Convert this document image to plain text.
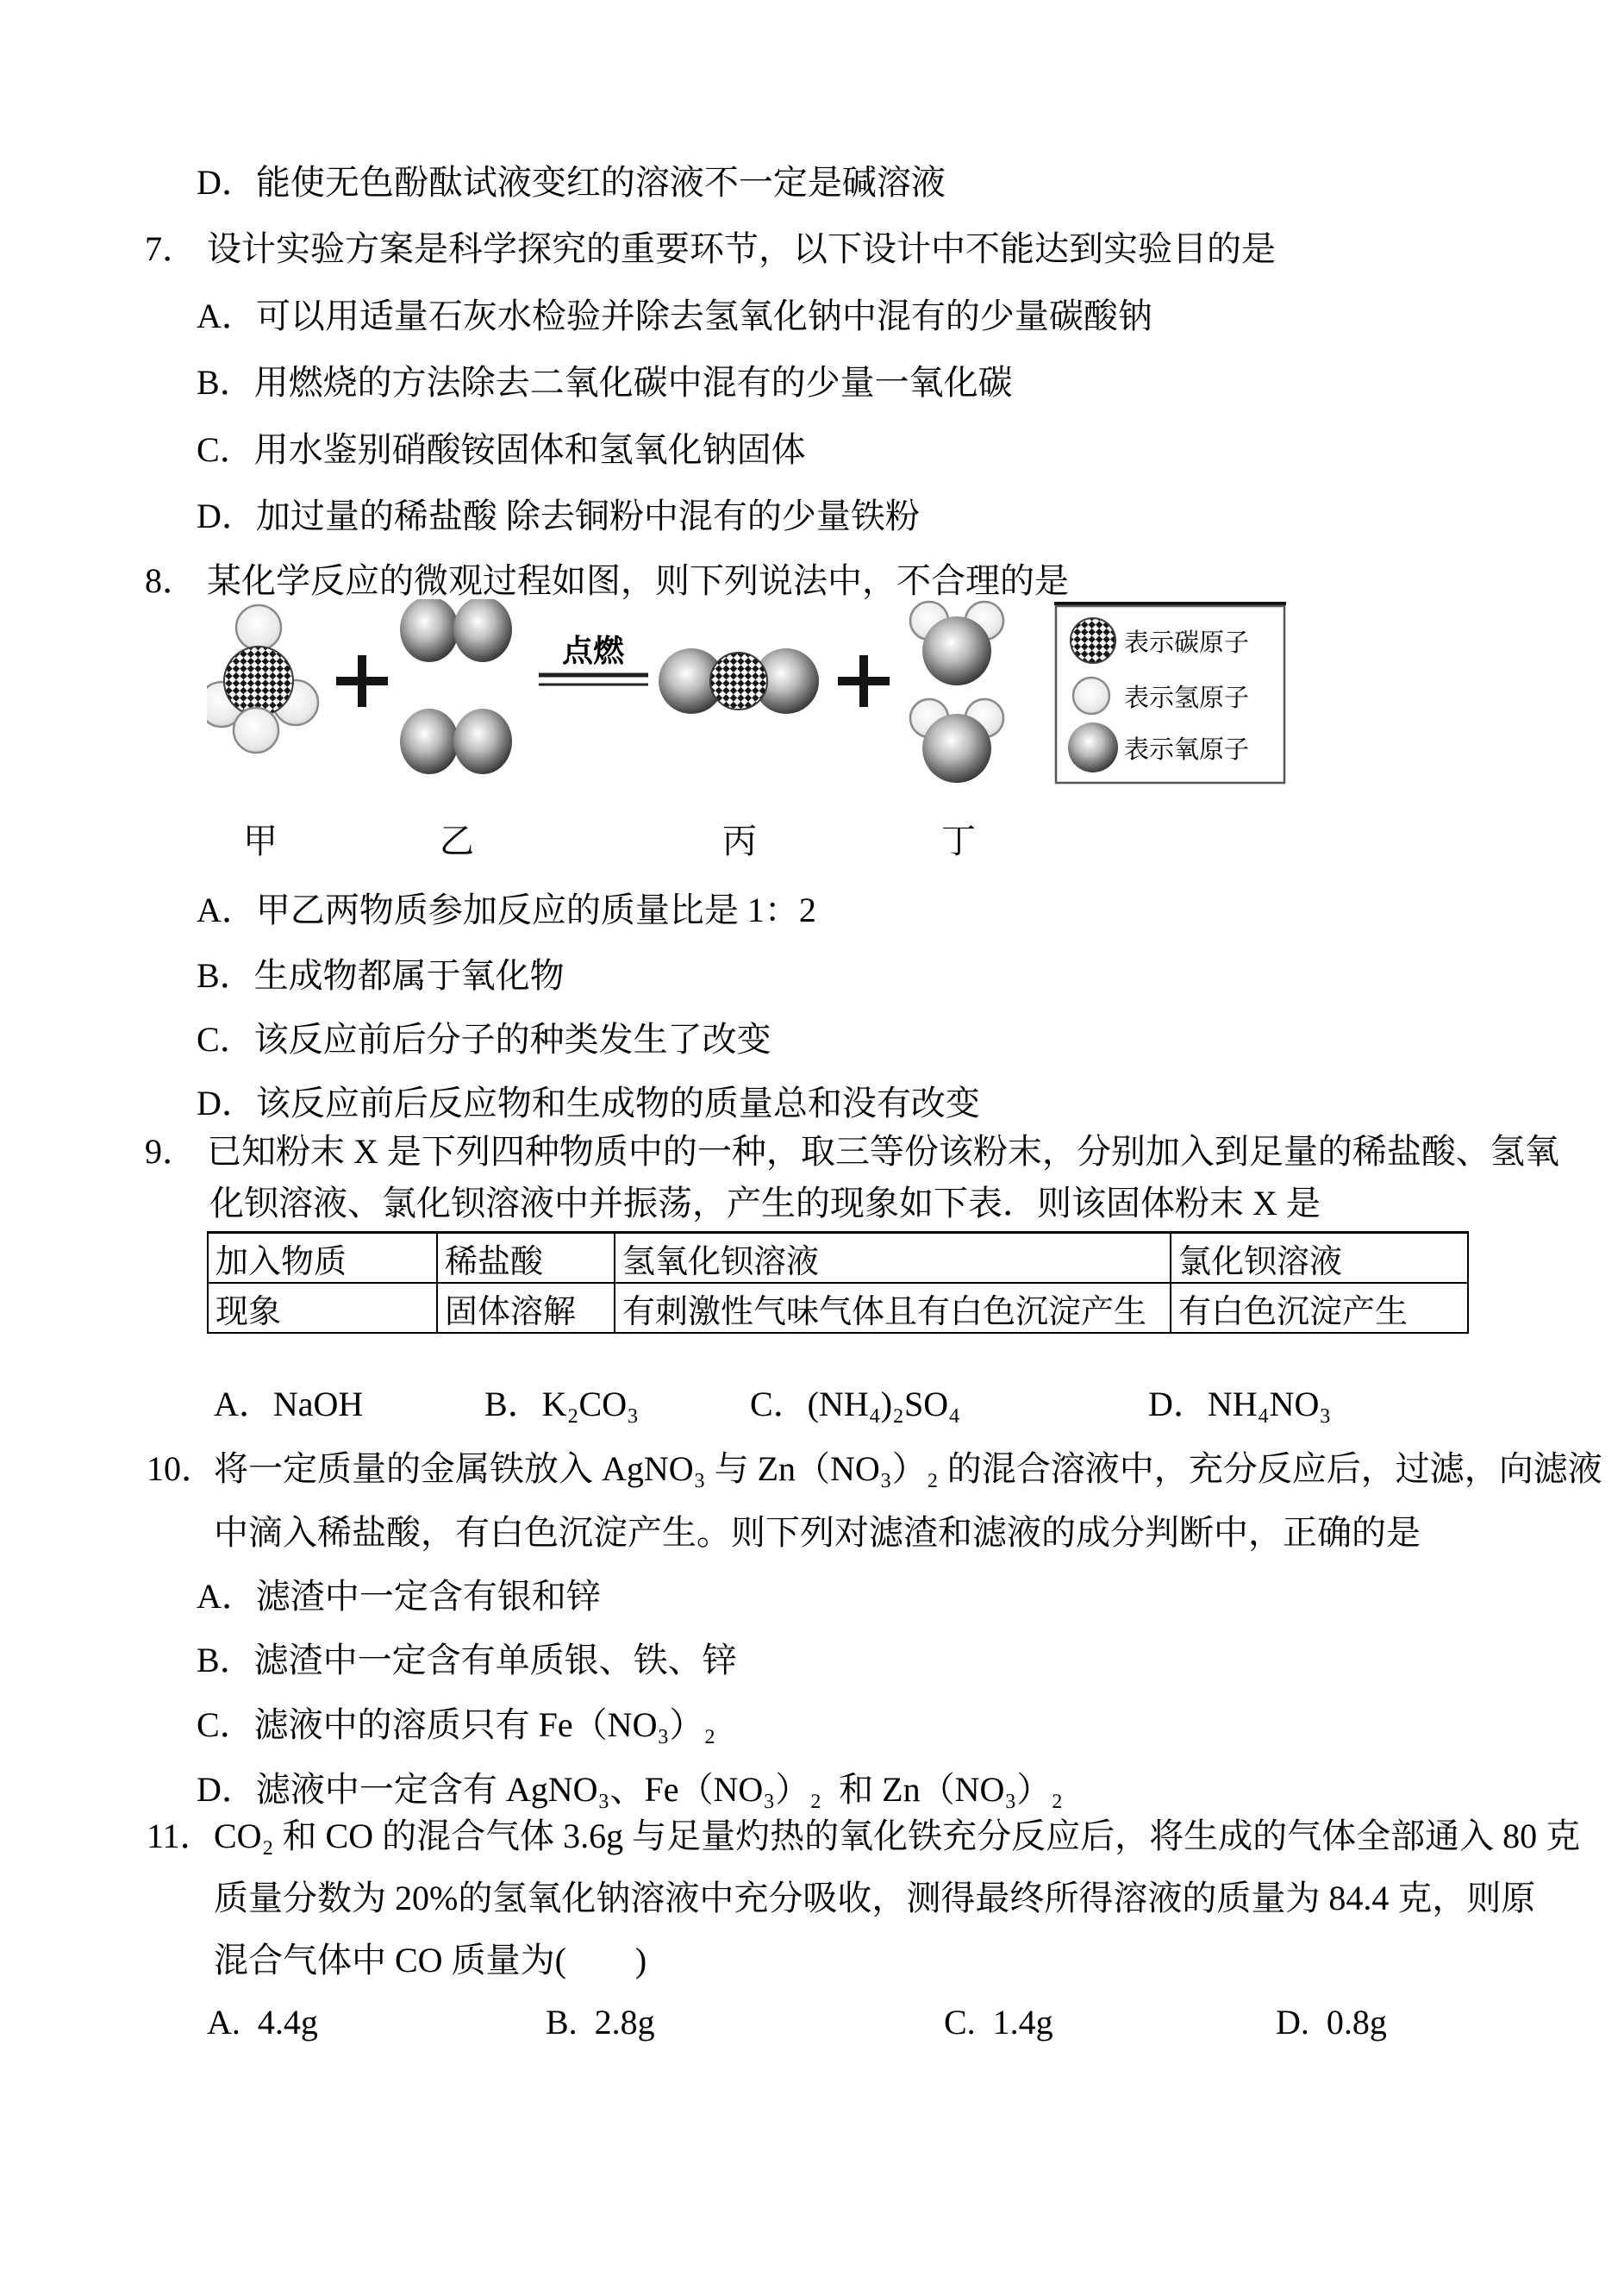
D．能使无色酚酞试液变红的溶液不一定是碱溶液
7． 设计实验方案是科学探究的重要环节，以下设计中不能达到实验目的是
A．可以用适量石灰水检验并除去氢氧化钠中混有的少量碳酸钠
B．用燃烧的方法除去二氧化碳中混有的少量一氧化碳
C．用水鉴别硝酸铵固体和氢氧化钠固体
D．加过量的稀盐酸 除去铜粉中混有的少量铁粉
8． 某化学反应的微观过程如图，则下列说法中，不合理的是
点燃	表示碳原子
表示氢原子
表示氧原子
甲	乙	丙	丁
A．甲乙两物质参加反应的质量比是 1：2
B．生成物都属于氧化物
C．该反应前后分子的种类发生了改变
D．该反应前后反应物和生成物的质量总和没有改变
9． 已知粉末 X 是下列四种物质中的一种，取三等份该粉末，分别加入到足量的稀盐酸、氢氧
化钡溶液、氯化钡溶液中并振荡，产生的现象如下表．则该固体粉末 X 是
加入物质	稀盐酸	氢氧化钡溶液	氯化钡溶液
现象	固体溶解	有刺激性气味气体且有白色沉淀产生	有白色沉淀产生
A．NaOH	B．K₂CO₃	C．(NH₄)₂SO₄	D．NH₄NO₃
10．
将一定质量的金属铁放入 AgNO₃ 与 Zn（NO₃）₂ 的混合溶液中，充分反应后，过滤，向滤液
中滴入稀盐酸，有白色沉淀产生。则下列对滤渣和滤液的成分判断中，正确的是
A．滤渣中一定含有银和锌
B．滤渣中一定含有单质银、铁、锌
C．滤液中的溶质只有 Fe（NO₃）₂
D．滤液中一定含有 AgNO₃、Fe（NO₃）₂  和 Zn（NO₃）₂
11． CO₂ 和 CO 的混合气体 3.6g 与足量灼热的氧化铁充分反应后，将生成的气体全部通入 80 克
质量分数为 20%的氢氧化钠溶液中充分吸收，测得最终所得溶液的质量为 84.4 克，则原
混合气体中 CO 质量为(        )
A.  4.4g	B.  2.8g	C.  1.4g	D.  0.8g
